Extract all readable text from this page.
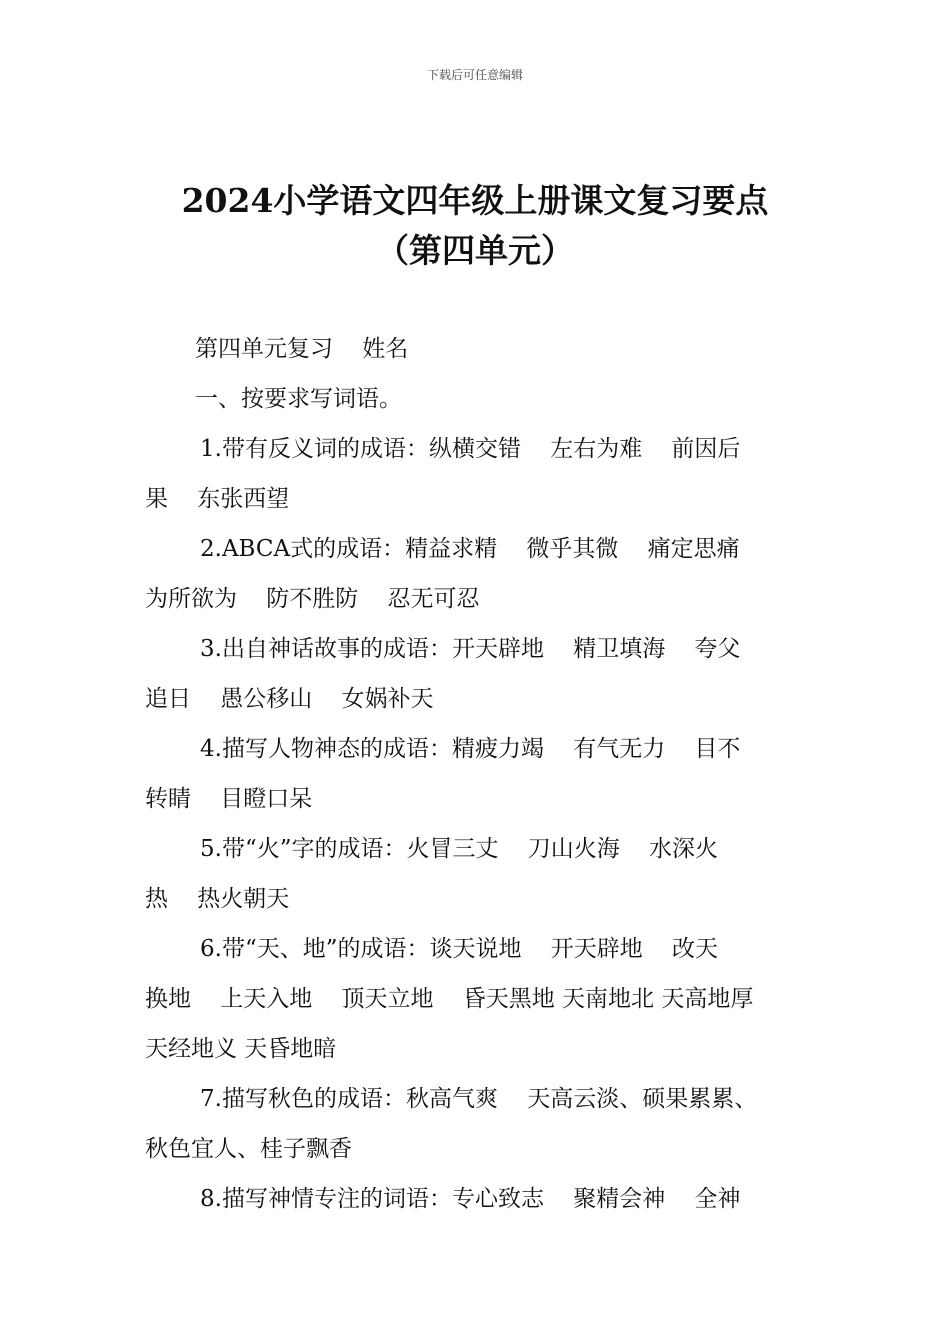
下载后可任意编辑
2024小学语文四年级上册课文复习要点
（第四单元）
第四单元复习    姓名
一、按要求写词语。
1.带有反义词的成语：纵横交错    左右为难    前因后
果    东张西望
2.ABCA式的成语：精益求精    微乎其微    痛定思痛
为所欲为    防不胜防    忍无可忍
3.出自神话故事的成语：开天辟地    精卫填海    夸父
追日    愚公移山    女娲补天
4.描写人物神态的成语：精疲力竭    有气无力    目不
转睛    目瞪口呆
5.带“火”字的成语：火冒三丈    刀山火海    水深火
热    热火朝天
6.带“天、地”的成语：谈天说地    开天辟地    改天
换地    上天入地    顶天立地    昏天黑地 天南地北 天高地厚
天经地义 天昏地暗
7.描写秋色的成语：秋高气爽    天高云淡、硕果累累、
秋色宜人、桂子飘香
8.描写神情专注的词语：专心致志    聚精会神    全神
